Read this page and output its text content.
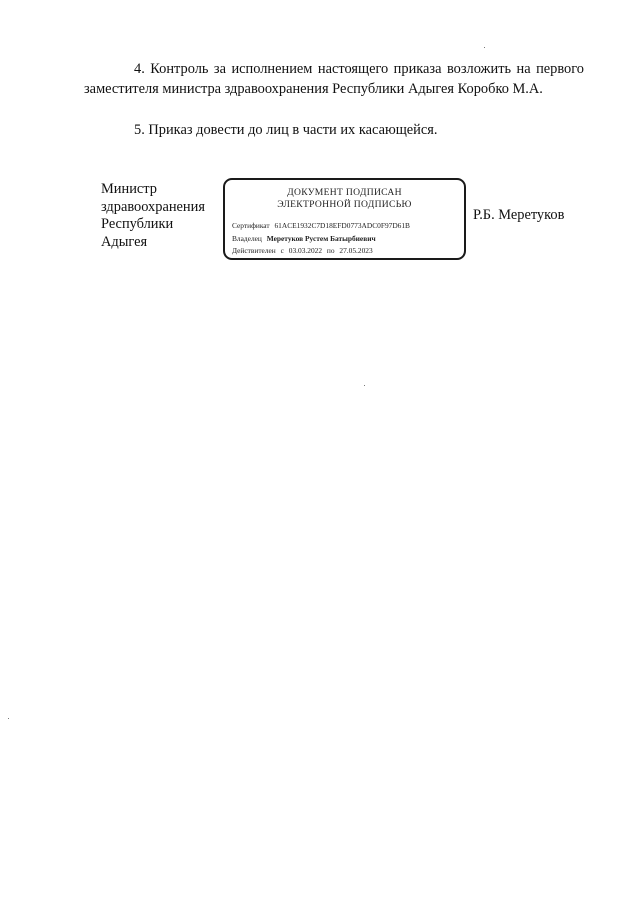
4. Контроль за исполнением настоящего приказа возложить на первого заместителя министра здравоохранения Республики Адыгея Коробко М.А.

5. Приказ довести до лиц в части их касающейся.

Министр
здравоохранения
Республики
Адыгея
ДОКУМЕНТ ПОДПИСАН
ЭЛЕКТРОННОЙ ПОДПИСЬЮ
Сертификат 61ACE1932C7D18EFD0773ADC0F97D61B
Владелец Меретуков Рустем Батырбиевич
Действителен с 03.03.2022 по 27.05.2023

Р.Б. Меретуков
